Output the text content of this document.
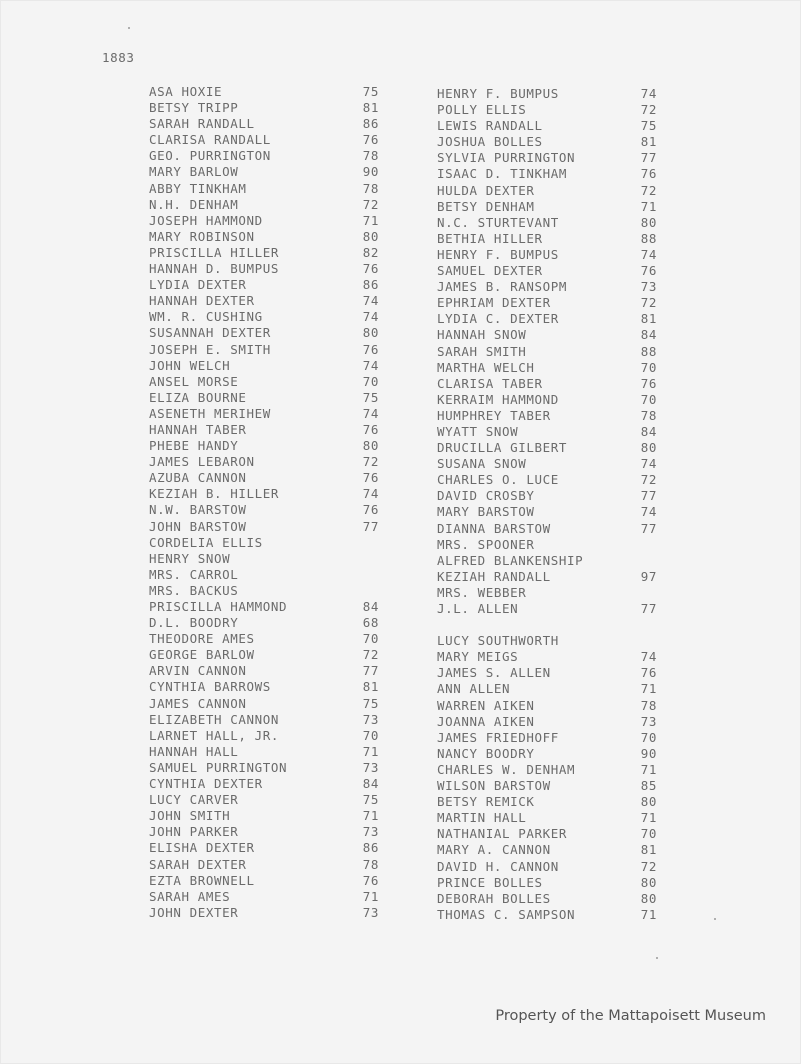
1883
ASA HOXIE	75
BETSY TRIPP	81
SARAH RANDALL	86
CLARISA RANDALL	76
GEO. PURRINGTON	78
MARY BARLOW	90
ABBY TINKHAM	78
N.H. DENHAM	72
JOSEPH HAMMOND	71
MARY ROBINSON	80
PRISCILLA HILLER	82
HANNAH D. BUMPUS	76
LYDIA DEXTER	86
HANNAH DEXTER	74
WM. R. CUSHING	74
SUSANNAH DEXTER	80
JOSEPH E. SMITH	76
JOHN WELCH	74
ANSEL MORSE	70
ELIZA BOURNE	75
ASENETH MERIHEW	74
HANNAH TABER	76
PHEBE HANDY	80
JAMES LEBARON	72
AZUBA CANNON	76
KEZIAH B. HILLER	74
N.W. BARSTOW	76
JOHN BARSTOW	77
CORDELIA ELLIS
HENRY SNOW
MRS. CARROL
MRS. BACKUS
PRISCILLA HAMMOND	84
D.L. BOODRY	68
THEODORE AMES	70
GEORGE BARLOW	72
ARVIN CANNON	77
CYNTHIA BARROWS	81
JAMES CANNON	75
ELIZABETH CANNON	73
LARNET HALL, JR.	70
HANNAH HALL	71
SAMUEL PURRINGTON	73
CYNTHIA DEXTER	84
LUCY CARVER	75
JOHN SMITH	71
JOHN PARKER	73
ELISHA DEXTER	86
SARAH DEXTER	78
EZTA BROWNELL	76
SARAH AMES	71
JOHN DEXTER	73
HENRY F. BUMPUS	74
POLLY ELLIS	72
LEWIS RANDALL	75
JOSHUA BOLLES	81
SYLVIA PURRINGTON	77
ISAAC D. TINKHAM	76
HULDA DEXTER	72
BETSY DENHAM	71
N.C. STURTEVANT	80
BETHIA HILLER	88
HENRY F. BUMPUS	74
SAMUEL DEXTER	76
JAMES B. RANSOPM	73
EPHRIAM DEXTER	72
LYDIA C. DEXTER	81
HANNAH SNOW	84
SARAH SMITH	88
MARTHA WELCH	70
CLARISA TABER	76
KERRAIM HAMMOND	70
HUMPHREY TABER	78
WYATT SNOW	84
DRUCILLA GILBERT	80
SUSANA SNOW	74
CHARLES O. LUCE	72
DAVID CROSBY	77
MARY BARSTOW	74
DIANNA BARSTOW	77
MRS. SPOONER
ALFRED BLANKENSHIP
KEZIAH RANDALL	97
MRS. WEBBER
J.L. ALLEN	77
LUCY SOUTHWORTH
MARY MEIGS	74
JAMES S. ALLEN	76
ANN ALLEN	71
WARREN AIKEN	78
JOANNA AIKEN	73
JAMES FRIEDHOFF	70
NANCY BOODRY	90
CHARLES W. DENHAM	71
WILSON BARSTOW	85
BETSY REMICK	80
MARTIN HALL	71
NATHANIAL PARKER	70
MARY A. CANNON	81
DAVID H. CANNON	72
PRINCE BOLLES	80
DEBORAH BOLLES	80
THOMAS C. SAMPSON	71
Property of the Mattapoisett Museum
